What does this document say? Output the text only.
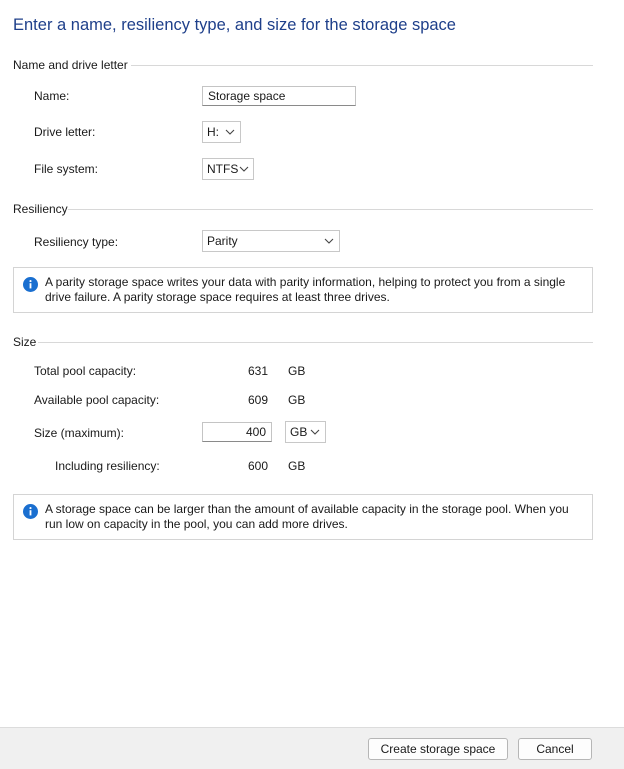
Enter a name, resiliency type, and size for the storage space
Name and drive letter
Name:	Storage space
Drive letter:	H:
File system:	NTFS
Resiliency
Resiliency type:	Parity
A parity storage space writes your data with parity information, helping to protect you from a single drive failure. A parity storage space requires at least three drives.
Size
Total pool capacity:	631 GB
Available pool capacity:	609 GB
Size (maximum):	400	GB
Including resiliency:	600 GB
A storage space can be larger than the amount of available capacity in the storage pool. When you run low on capacity in the pool, you can add more drives.
Create storage space	Cancel
